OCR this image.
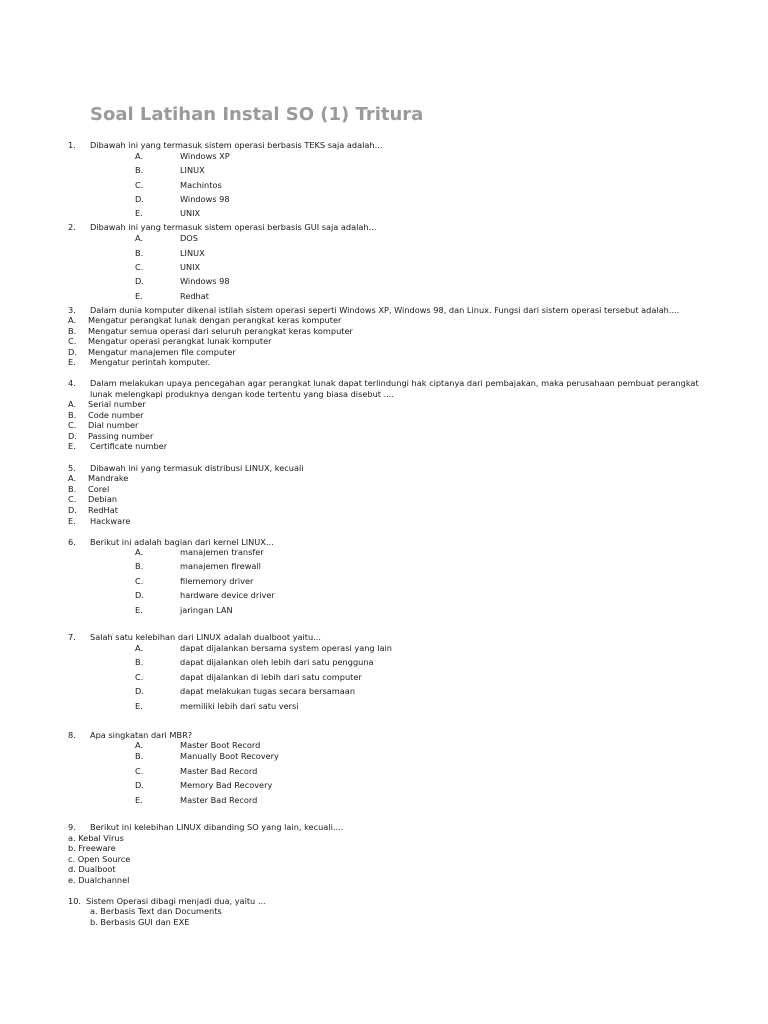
Soal Latihan Instal SO (1) Tritura
1. Dibawah ini yang termasuk sistem operasi berbasis TEKS saja adalah...
A.	Windows XP
B.	LINUX
C.	Machintos
D.	Windows 98
E.	UNIX
2. Dibawah ini yang termasuk sistem operasi berbasis GUI saja adalah...
A.	DOS
B.	LINUX
C.	UNIX
D.	Windows 98
E.	Redhat
3. Dalam dunia komputer dikenal istilah sistem operasi seperti Windows XP, Windows 98, dan Linux. Fungsi dari sistem operasi tersebut adalah....
A. Mengatur perangkat lunak dengan perangkat keras komputer
B. Mengatur semua operasi dari seluruh perangkat keras komputer
C. Mengatur operasi perangkat lunak komputer
D. Mengatur manajemen file computer
E. Mengatur perintah komputer.
4. Dalam melakukan upaya pencegahan agar perangkat lunak dapat terlindungi hak ciptanya dari pembajakan, maka perusahaan pembuat perangkat
lunak melengkapi produknya dengan kode tertentu yang biasa disebut ....
A. Serial number
B. Code number
C. Dial number
D. Passing number
E. Certificate number
5. Dibawah ini yang termasuk distribusi LINUX, kecuali
A. Mandrake
B. Corel
C. Debian
D. RedHat
E. Hackware
6. Berikut ini adalah bagian dari kernel LINUX...
A.	manajemen transfer
B.	manajemen firewall
C.	filememory driver
D.	hardware device driver
E.	jaringan LAN
7. Salah satu kelebihan dari LINUX adalah dualboot yaitu...
A.	dapat dijalankan bersama system operasi yang lain
B.	dapat dijalankan oleh lebih dari satu pengguna
C.	dapat dijalankan di lebih dari satu computer
D.	dapat melakukan tugas secara bersamaan
E.	memiliki lebih dari satu versi
8. Apa singkatan dari MBR?
A.	Master Boot Record
B.	Manually Boot Recovery
C.	Master Bad Record
D.	Memory Bad Recovery
E.	Master Bad Record
9. Berikut ini kelebihan LINUX dibanding SO yang lain, kecuali....
a. Kebal Virus
b. Freeware
c. Open Source
d. Dualboot
e. Dualchannel
10. Sistem Operasi dibagi menjadi dua, yaitu ...
a. Berbasis Text dan Documents
b. Berbasis GUI dan EXE
